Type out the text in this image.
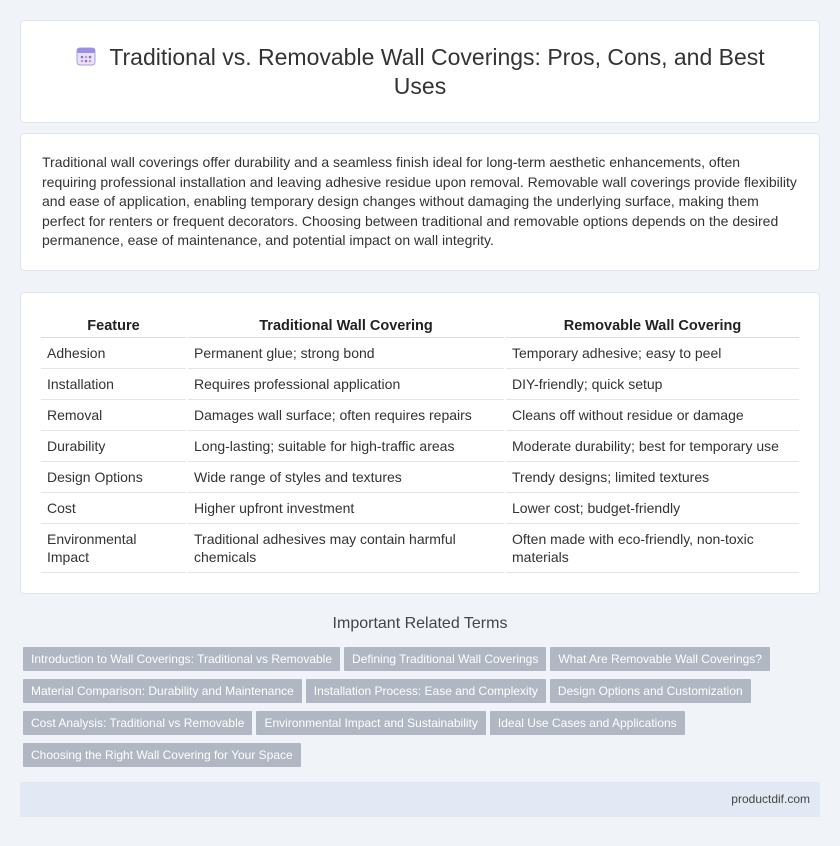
Traditional vs. Removable Wall Coverings: Pros, Cons, and Best Uses

Traditional wall coverings offer durability and a seamless finish ideal for long-term aesthetic enhancements, often requiring professional installation and leaving adhesive residue upon removal. Removable wall coverings provide flexibility and ease of application, enabling temporary design changes without damaging the underlying surface, making them perfect for renters or frequent decorators. Choosing between traditional and removable options depends on the desired permanence, ease of maintenance, and potential impact on wall integrity.

Feature	Traditional Wall Covering	Removable Wall Covering
Adhesion	Permanent glue; strong bond	Temporary adhesive; easy to peel
Installation	Requires professional application	DIY-friendly; quick setup
Removal	Damages wall surface; often requires repairs	Cleans off without residue or damage
Durability	Long-lasting; suitable for high-traffic areas	Moderate durability; best for temporary use
Design Options	Wide range of styles and textures	Trendy designs; limited textures
Cost	Higher upfront investment	Lower cost; budget-friendly
Environmental Impact	Traditional adhesives may contain harmful chemicals	Often made with eco-friendly, non-toxic materials
Important Related Terms
Introduction to Wall Coverings: Traditional vs Removable Defining Traditional Wall Coverings What Are Removable Wall Coverings?
Material Comparison: Durability and Maintenance Installation Process: Ease and Complexity Design Options and Customization
Cost Analysis: Traditional vs Removable Environmental Impact and Sustainability Ideal Use Cases and Applications
Choosing the Right Wall Covering for Your Space
productdif.com
